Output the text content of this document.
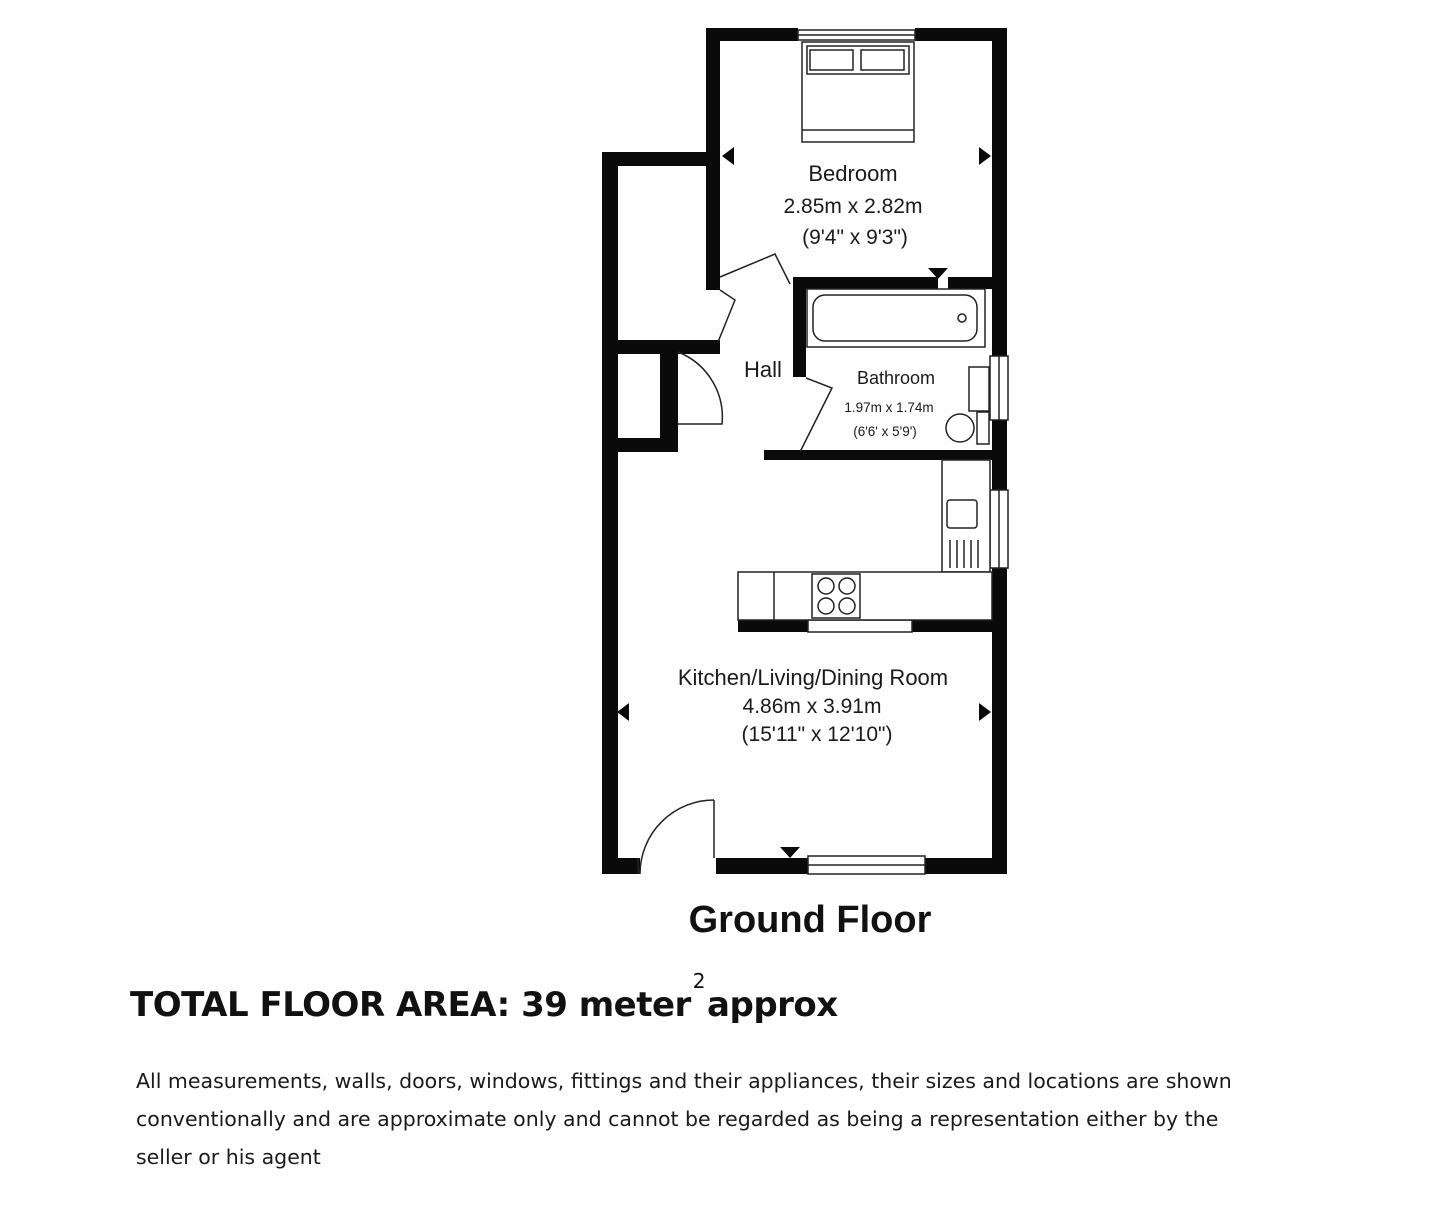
Bedroom
2.85m x 2.82m
(9'4" x 9'3")
Hall	Bathroom
1.97m x 1.74m
(6'6' x 5'9')
Kitchen/Living/Dining Room
4.86m x 3.91m
(15'11" x 12'10")
Ground Floor
TOTAL FLOOR AREA: 39 meter$^2$approx
All measurements, walls, doors, windows, fittings and their appliances, their sizes and locations are shown conventionally and are approximate only and cannot be regarded as being a representation either by the seller or his agent
